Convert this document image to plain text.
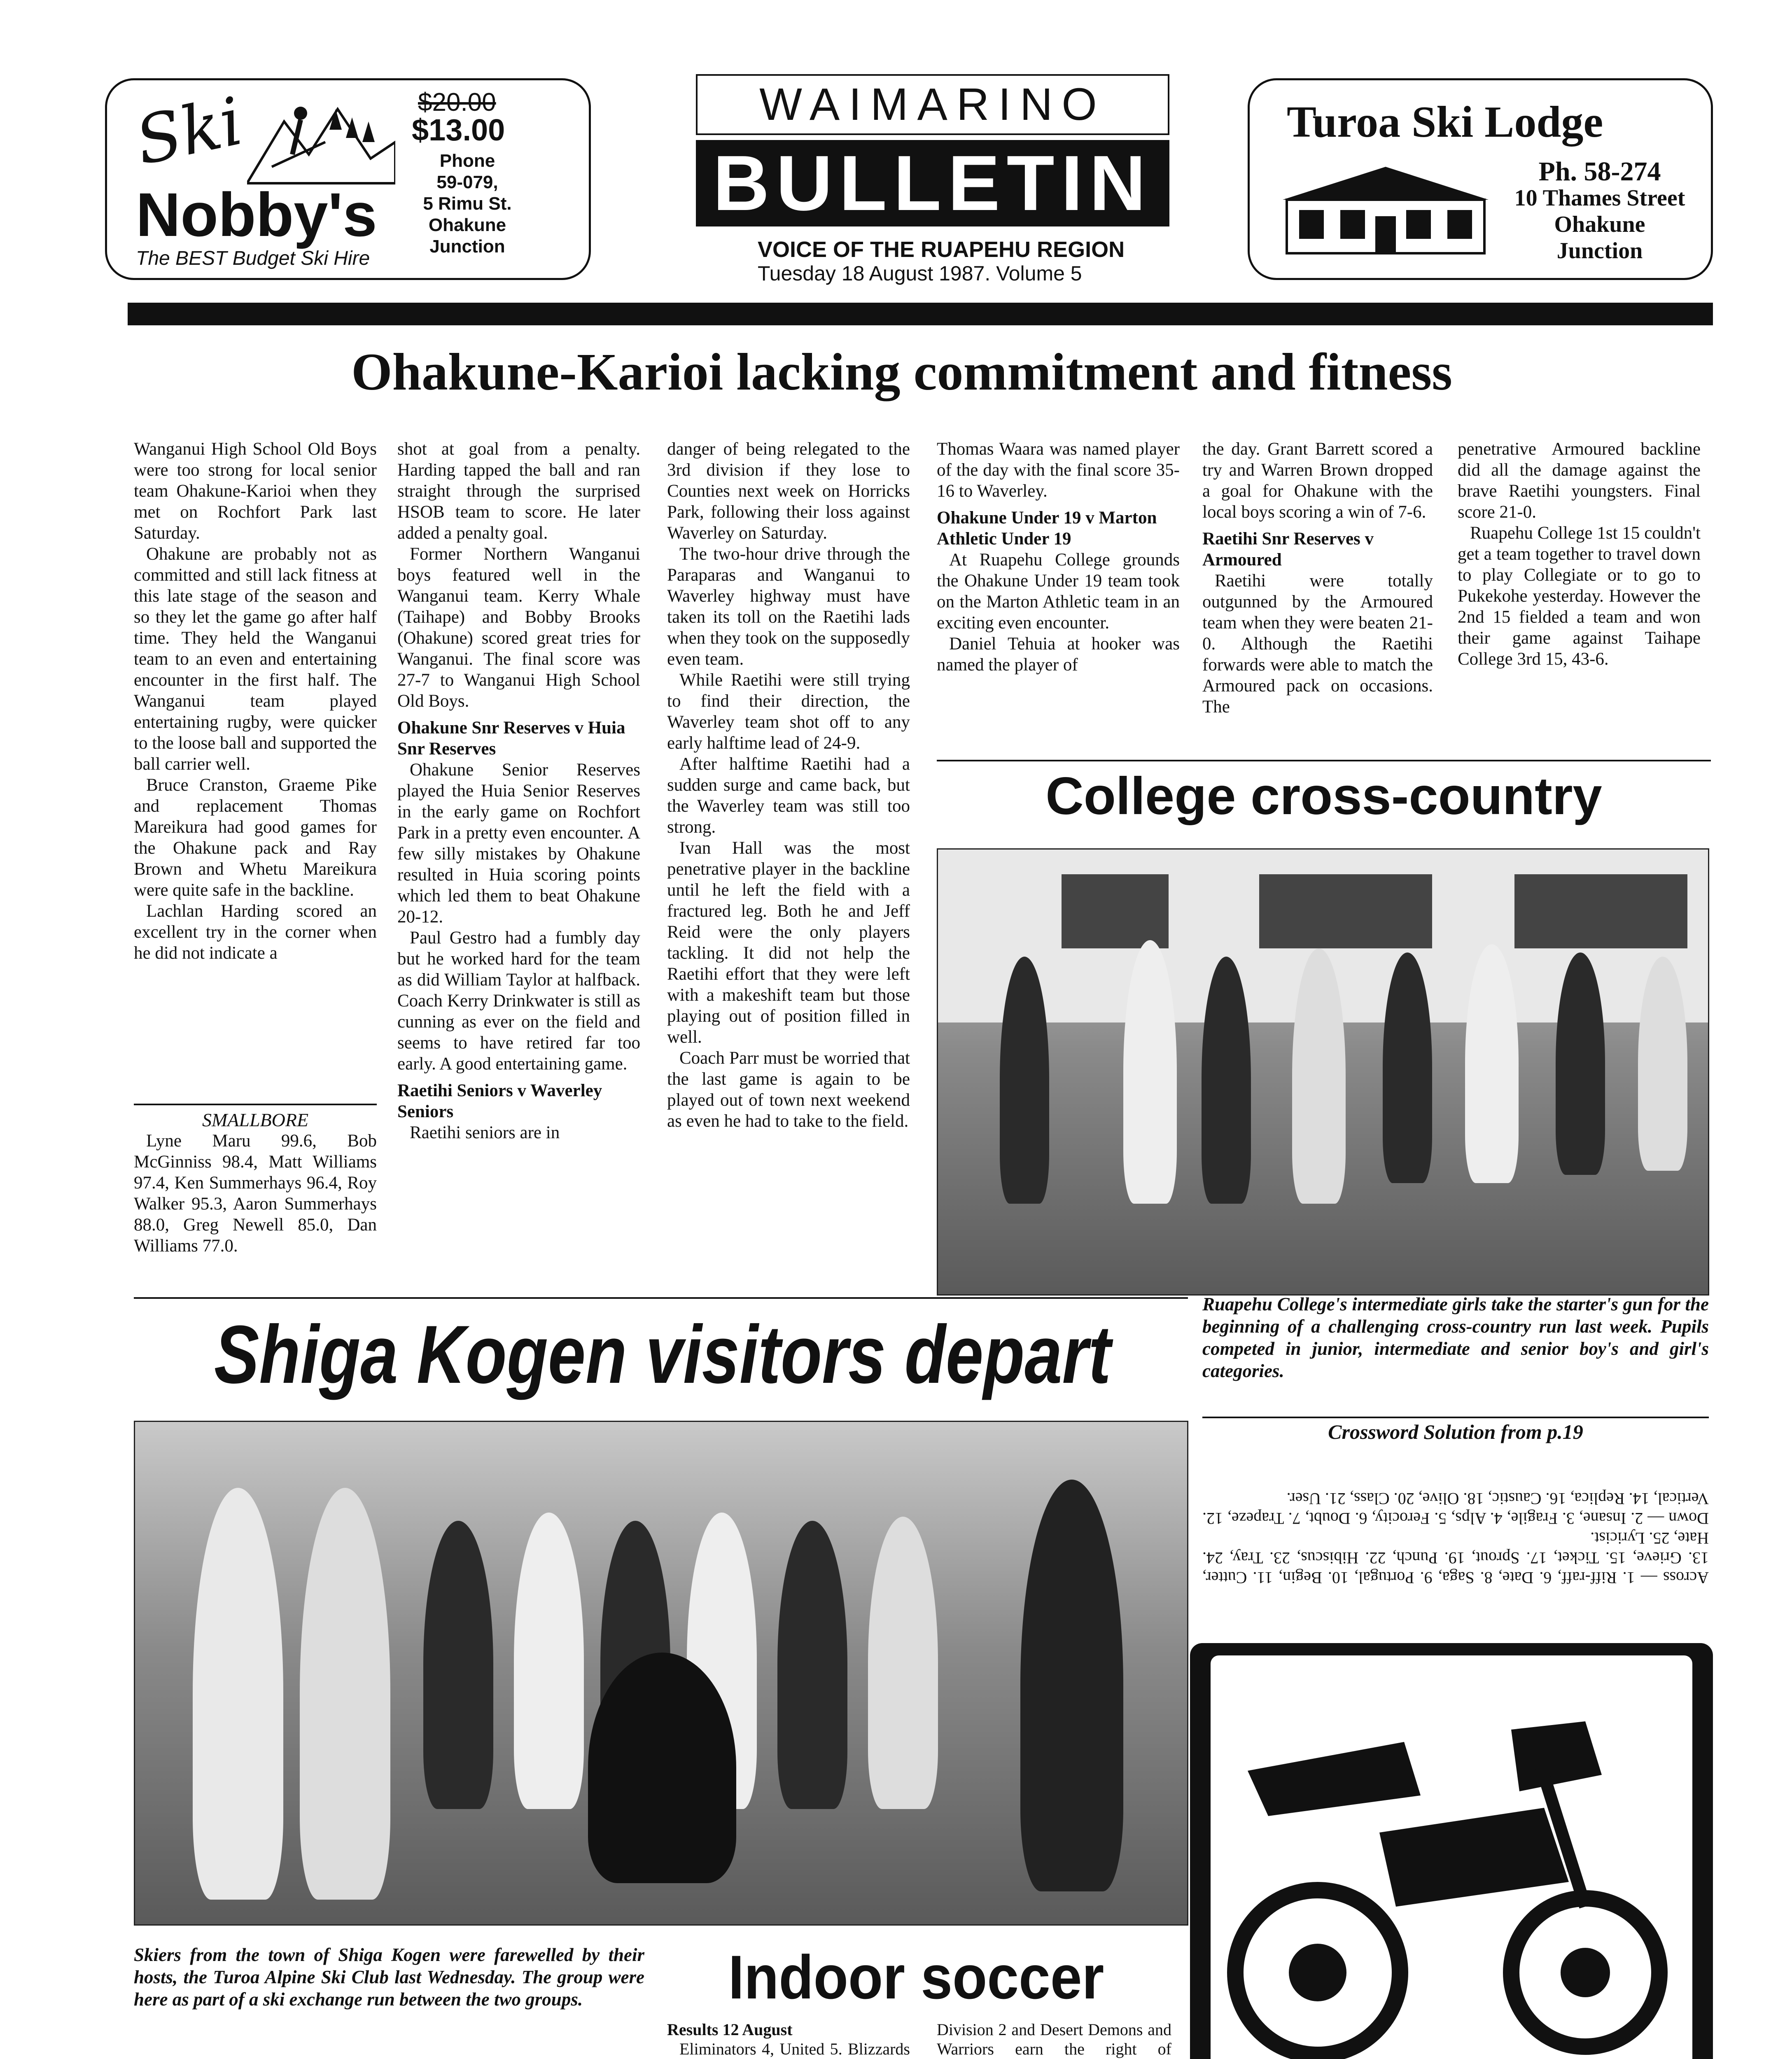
Ski	$20.00
$13.00
Phone
59-079,
5 Rimu St.
Ohakune
Junction
Nobby's
The BEST Budget Ski Hire
WAIMARINO
BULLETIN
VOICE OF THE RUAPEHU REGION
Tuesday 18 August 1987. Volume 5
Turoa Ski Lodge
Ph. 58-274
10 Thames Street
Ohakune
Junction
Ohakune-Karioi lacking commitment and fitness

Wanganui High School Old Boys were too strong for local senior team Ohakune-Karioi when they met on Rochfort Park last Saturday.

Ohakune are probably not as committed and still lack fitness at this late stage of the season and so they let the game go after half time. They held the Wanganui team to an even and entertaining encounter in the first half. The Wanganui team played entertaining rugby, were quicker to the loose ball and supported the ball carrier well.

Bruce Cranston, Graeme Pike and replacement Thomas Mareikura had good games for the Ohakune pack and Ray Brown and Whetu Mareikura were quite safe in the backline.

Lachlan Harding scored an excellent try in the corner when he did not indicate a

SMALLBORE

Lyne Maru 99.6, Bob McGinniss 98.4, Matt Williams 97.4, Ken Summerhays 96.4, Roy Walker 95.3, Aaron Summerhays 88.0, Greg Newell 85.0, Dan Williams 77.0.

shot at goal from a penalty. Harding tapped the ball and ran straight through the surprised HSOB team to score. He later added a penalty goal.

Former Northern Wanganui boys featured well in the Wanganui team. Kerry Whale (Taihape) and Bobby Brooks (Ohakune) scored great tries for Wanganui. The final score was 27-7 to Wanganui High School Old Boys.

Ohakune Snr Reserves v Huia Snr Reserves

Ohakune Senior Reserves played the Huia Senior Reserves in the early game on Rochfort Park in a pretty even encounter. A few silly mistakes by Ohakune resulted in Huia scoring points which led them to beat Ohakune 20-12.

Paul Gestro had a fumbly day but he worked hard for the team as did William Taylor at halfback. Coach Kerry Drinkwater is still as cunning as ever on the field and seems to have retired far too early. A good entertaining game.

Raetihi Seniors v Waverley Seniors

Raetihi seniors are in

danger of being relegated to the 3rd division if they lose to Counties next week on Horricks Park, following their loss against Waverley on Saturday.

The two-hour drive through the Paraparas and Wanganui to Waverley highway must have taken its toll on the Raetihi lads when they took on the supposedly even team.

While Raetihi were still trying to find their direction, the Waverley team shot off to any early halftime lead of 24-9.

After halftime Raetihi had a sudden surge and came back, but the Waverley team was still too strong.

Ivan Hall was the most penetrative player in the backline until he left the field with a fractured leg. Both he and Jeff Reid were the only players tackling. It did not help the Raetihi effort that they were left with a makeshift team but those playing out of position filled in well.

Coach Parr must be worried that the last game is again to be played out of town next weekend as even he had to take to the field.

Thomas Waara was named player of the day with the final score 35-16 to Waverley.

Ohakune Under 19 v Marton Athletic Under 19

At Ruapehu College grounds the Ohakune Under 19 team took on the Marton Athletic team in an exciting even encounter.

Daniel Tehuia at hooker was named the player of

the day. Grant Barrett scored a try and Warren Brown dropped a goal for Ohakune with the local boys scoring a win of 7-6.

Raetihi Snr Reserves v Armoured

Raetihi were totally outgunned by the Armoured team when they were beaten 21-0. Although the Raetihi forwards were able to match the Armoured pack on occasions. The

penetrative Armoured backline did all the damage against the brave Raetihi youngsters. Final score 21-0.

Ruapehu College 1st 15 couldn't get a team together to travel down to play Collegiate or to go to Pukekohe yesterday. However the 2nd 15 fielded a team and won their game against Taihape College 3rd 15, 43-6.

College cross-country
Ruapehu College's intermediate girls take the starter's gun for the beginning of a challenging cross-country run last week. Pupils competed in junior, intermediate and senior boy's and girl's categories.
Shiga Kogen visitors depart
Skiers from the town of Shiga Kogen were farewelled by their hosts, the Turoa Alpine Ski Club last Wednesday. The group were here as part of a ski exchange run between the two groups.
Crossword Solution from p.19
Across — 1. Riff-raff, 6. Date, 8. Saga, 9. Portugal, 10. Begin, 11. Cutter, 13. Grieve, 15. Ticket, 17. Sprout, 19. Punch, 22. Hibiscus, 23. Tray, 24. Hate, 25. Lyricist.
Down — 2. Insane, 3. Fragile, 4. Alps, 5. Ferocity, 6. Doubt, 7. Trapeze, 12. Vertical, 14. Replica, 16. Caustic, 18. Olive, 20. Class, 21. User.

Indoor soccer

Results 12 August

Eliminators 4, United 5. Blizzards

Division 2 and Desert Demons and Warriors earn the right of
